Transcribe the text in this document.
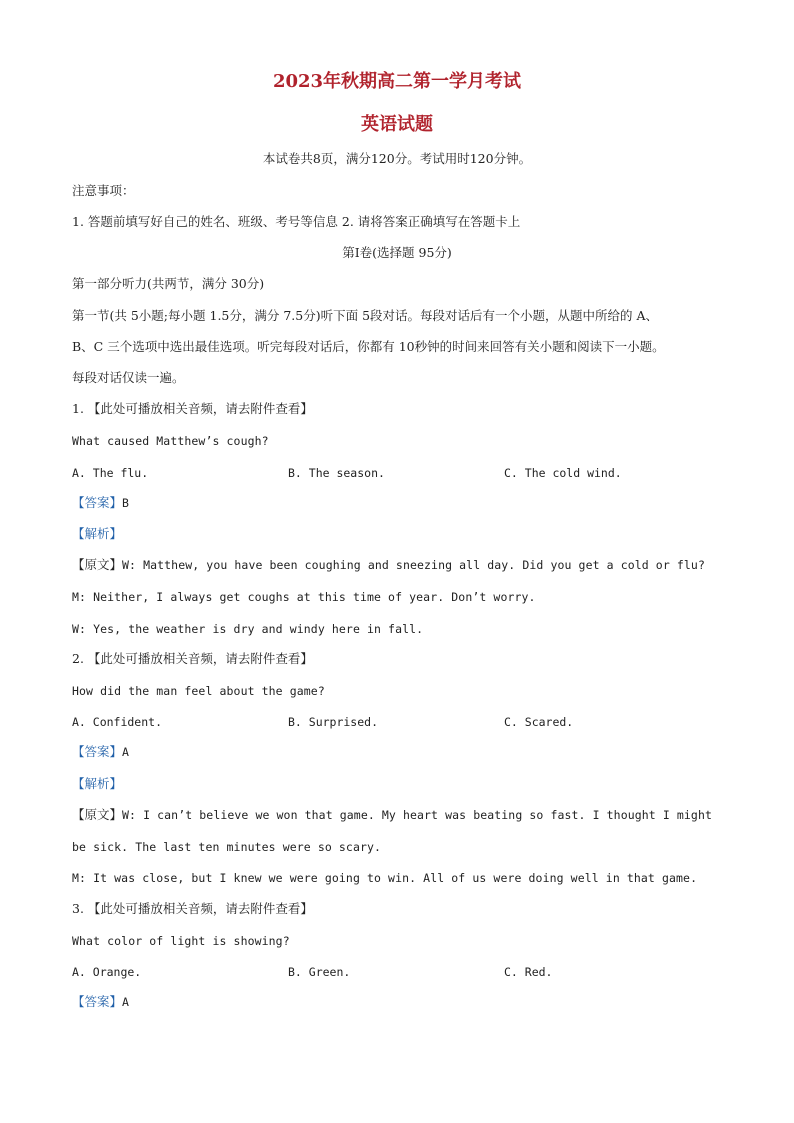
2023年秋期高二第一学月考试
英语试题
本试卷共8页，满分120分。考试用时120分钟。
注意事项：
1. 答题前填写好自己的姓名、班级、考号等信息 2. 请将答案正确填写在答题卡上
第Ⅰ卷(选择题 95分)
第一部分听力(共两节，满分 30分)
第一节(共 5小题;每小题 1.5分，满分 7.5分)听下面 5段对话。每段对话后有一个小题，从题中所给的 A、
B、C 三个选项中选出最佳选项。听完每段对话后，你都有 10秒钟的时间来回答有关小题和阅读下一小题。
每段对话仅读一遍。
1. 【此处可播放相关音频，请去附件查看】
What caused Matthew’s cough?
A. The flu.	B. The season.	C. The cold wind.
【答案】B
【解析】
【原文】W: Matthew, you have been coughing and sneezing all day. Did you get a cold or flu?
M: Neither, I always get coughs at this time of year. Don’t worry.
W: Yes, the weather is dry and windy here in fall.
2. 【此处可播放相关音频，请去附件查看】
How did the man feel about the game?
A. Confident.	B. Surprised.	C. Scared.
【答案】A
【解析】
【原文】W: I can’t believe we won that game. My heart was beating so fast. I thought I might
be sick. The last ten minutes were so scary.
M: It was close, but I knew we were going to win. All of us were doing well in that game.
3. 【此处可播放相关音频，请去附件查看】
What color of light is showing?
A. Orange.	B. Green.	C. Red.
【答案】A
